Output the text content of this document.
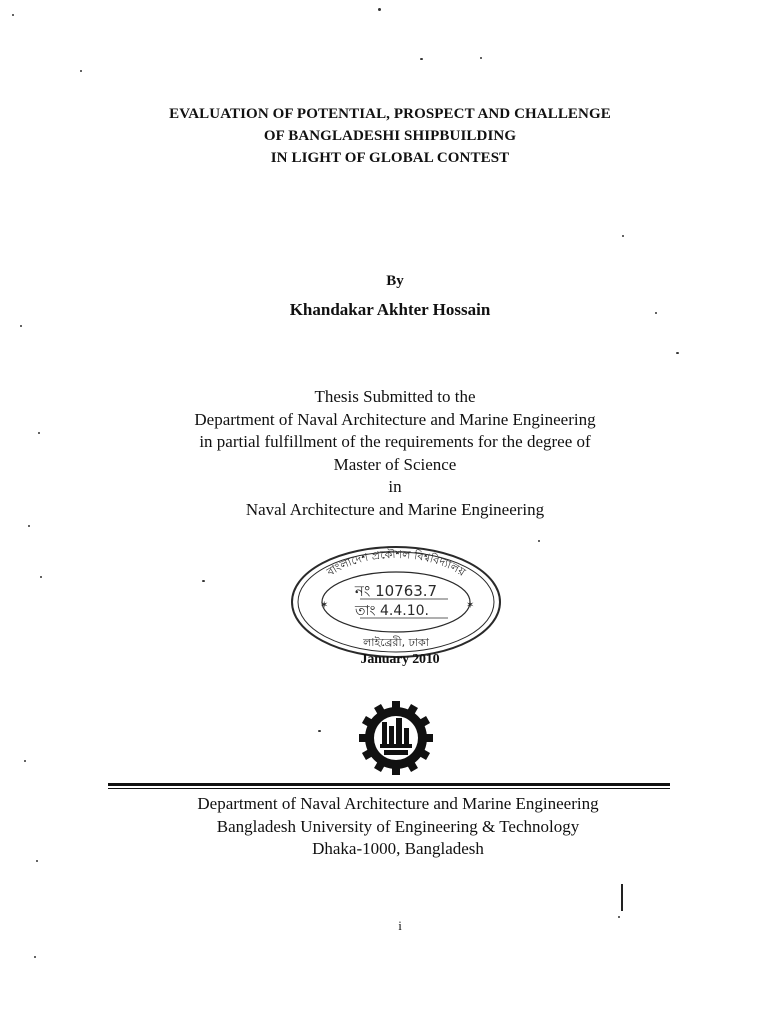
EVALUATION OF POTENTIAL, PROSPECT AND CHALLENGE
OF BANGLADESHI SHIPBUILDING
IN LIGHT OF GLOBAL CONTEST
By
Khandakar Akhter Hossain
Thesis Submitted to the
Department of Naval Architecture and Marine Engineering
in partial fulfillment of the requirements for the degree of
Master of Science
in
Naval Architecture and Marine Engineering
বাংলাদেশ প্রকৌশল বিশ্ববিদ্যালয়
নং 10763.7
তাং 4.4.10.
লাইব্রেরী, ঢাকা
✶	✶
January 2010
Department of Naval Architecture and Marine Engineering
Bangladesh University of Engineering & Technology
Dhaka-1000, Bangladesh
i
